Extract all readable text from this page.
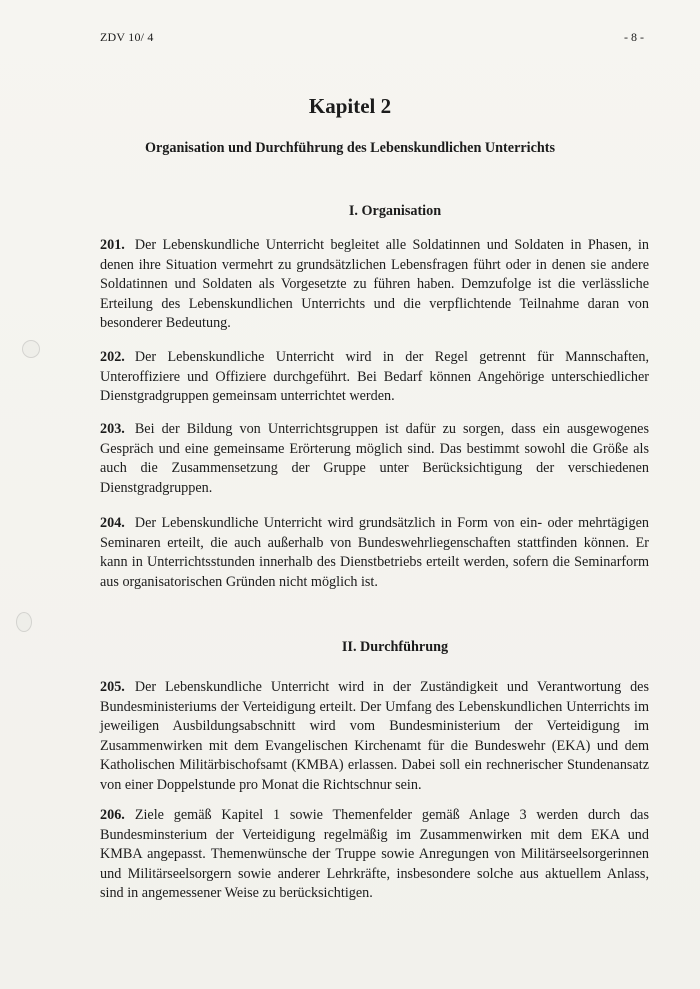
ZDV 10/ 4	- 8 -
Kapitel 2
Organisation und Durchführung des Lebenskundlichen Unterrichts
I. Organisation

201. Der Lebenskundliche Unterricht begleitet alle Soldatinnen und Soldaten in Phasen, in denen ihre Situation vermehrt zu grundsätzlichen Lebensfragen führt oder in denen sie andere Soldatinnen und Soldaten als Vorgesetzte zu führen haben. Demzufolge ist die verlässliche Erteilung des Lebenskundlichen Unterrichts und die verpflichtende Teilnahme daran von besonderer Bedeutung.

202. Der Lebenskundliche Unterricht wird in der Regel getrennt für Mannschaften, Unteroffiziere und Offiziere durchgeführt. Bei Bedarf können Angehörige unterschiedlicher Dienstgradgruppen gemeinsam unterrichtet werden.

203. Bei der Bildung von Unterrichtsgruppen ist dafür zu sorgen, dass ein ausgewogenes Gespräch und eine gemeinsame Erörterung möglich sind. Das bestimmt sowohl die Größe als auch die Zusammensetzung der Gruppe unter Berücksichtigung der verschiedenen Dienstgradgruppen.

204. Der Lebenskundliche Unterricht wird grundsätzlich in Form von ein- oder mehrtägigen Seminaren erteilt, die auch außerhalb von Bundeswehrliegenschaften stattfinden können. Er kann in Unterrichtsstunden innerhalb des Dienstbetriebs erteilt werden, sofern die Seminarform aus organisatorischen Gründen nicht möglich ist.

II. Durchführung

205. Der Lebenskundliche Unterricht wird in der Zuständigkeit und Verantwortung des Bundesministeriums der Verteidigung erteilt. Der Umfang des Lebenskundlichen Unterrichts im jeweiligen Ausbildungsabschnitt wird vom Bundesministerium der Verteidigung im Zusammenwirken mit dem Evangelischen Kirchenamt für die Bundeswehr (EKA) und dem Katholischen Militärbischofsamt (KMBA) erlassen. Dabei soll ein rechnerischer Stundenansatz von einer Doppelstunde pro Monat die Richtschnur sein.

206. Ziele gemäß Kapitel 1 sowie Themenfelder gemäß Anlage 3 werden durch das Bundesminsterium der Verteidigung regelmäßig im Zusammenwirken mit dem EKA und KMBA angepasst. Themenwünsche der Truppe sowie Anregungen von Militärseelsorgerinnen und Militärseelsorgern sowie anderer Lehrkräfte, insbesondere solche aus aktuellem Anlass, sind in angemessener Weise zu berücksichtigen.
